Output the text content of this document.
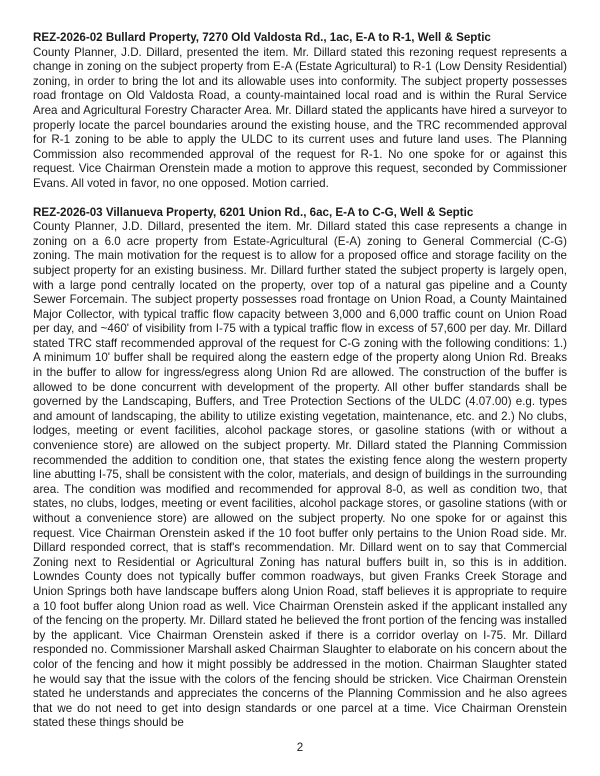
REZ-2026-02 Bullard Property, 7270 Old Valdosta Rd., 1ac, E-A to R-1, Well & Septic

County Planner, J.D. Dillard, presented the item. Mr. Dillard stated this rezoning request represents a change in zoning on the subject property from E-A (Estate Agricultural) to R-1 (Low Density Residential) zoning, in order to bring the lot and its allowable uses into conformity. The subject property possesses road frontage on Old Valdosta Road, a county-maintained local road and is within the Rural Service Area and Agricultural Forestry Character Area. Mr. Dillard stated the applicants have hired a surveyor to properly locate the parcel boundaries around the existing house, and the TRC recommended approval for R-1 zoning to be able to apply the ULDC to its current uses and future land uses. The Planning Commission also recommended approval of the request for R-1. No one spoke for or against this request. Vice Chairman Orenstein made a motion to approve this request, seconded by Commissioner Evans. All voted in favor, no one opposed. Motion carried.

REZ-2026-03 Villanueva Property, 6201 Union Rd., 6ac, E-A to C-G, Well & Septic

County Planner, J.D. Dillard, presented the item. Mr. Dillard stated this case represents a change in zoning on a 6.0 acre property from Estate-Agricultural (E-A) zoning to General Commercial (C-G) zoning. The main motivation for the request is to allow for a proposed office and storage facility on the subject property for an existing business. Mr. Dillard further stated the subject property is largely open, with a large pond centrally located on the property, over top of a natural gas pipeline and a County Sewer Forcemain. The subject property possesses road frontage on Union Road, a County Maintained Major Collector, with typical traffic flow capacity between 3,000 and 6,000 traffic count on Union Road per day, and ~460' of visibility from I-75 with a typical traffic flow in excess of 57,600 per day. Mr. Dillard stated TRC staff recommended approval of the request for C-G zoning with the following conditions: 1.) A minimum 10' buffer shall be required along the eastern edge of the property along Union Rd. Breaks in the buffer to allow for ingress/egress along Union Rd are allowed. The construction of the buffer is allowed to be done concurrent with development of the property. All other buffer standards shall be governed by the Landscaping, Buffers, and Tree Protection Sections of the ULDC (4.07.00) e.g. types and amount of landscaping, the ability to utilize existing vegetation, maintenance, etc. and 2.) No clubs, lodges, meeting or event facilities, alcohol package stores, or gasoline stations (with or without a convenience store) are allowed on the subject property. Mr. Dillard stated the Planning Commission recommended the addition to condition one, that states the existing fence along the western property line abutting I-75, shall be consistent with the color, materials, and design of buildings in the surrounding area. The condition was modified and recommended for approval 8-0, as well as condition two, that states, no clubs, lodges, meeting or event facilities, alcohol package stores, or gasoline stations (with or without a convenience store) are allowed on the subject property. No one spoke for or against this request. Vice Chairman Orenstein asked if the 10 foot buffer only pertains to the Union Road side. Mr. Dillard responded correct, that is staff's recommendation. Mr. Dillard went on to say that Commercial Zoning next to Residential or Agricultural Zoning has natural buffers built in, so this is in addition. Lowndes County does not typically buffer common roadways, but given Franks Creek Storage and Union Springs both have landscape buffers along Union Road, staff believes it is appropriate to require a 10 foot buffer along Union road as well. Vice Chairman Orenstein asked if the applicant installed any of the fencing on the property. Mr. Dillard stated he believed the front portion of the fencing was installed by the applicant. Vice Chairman Orenstein asked if there is a corridor overlay on I-75. Mr. Dillard responded no. Commissioner Marshall asked Chairman Slaughter to elaborate on his concern about the color of the fencing and how it might possibly be addressed in the motion. Chairman Slaughter stated he would say that the issue with the colors of the fencing should be stricken. Vice Chairman Orenstein stated he understands and appreciates the concerns of the Planning Commission and he also agrees that we do not need to get into design standards or one parcel at a time. Vice Chairman Orenstein stated these things should be

2
